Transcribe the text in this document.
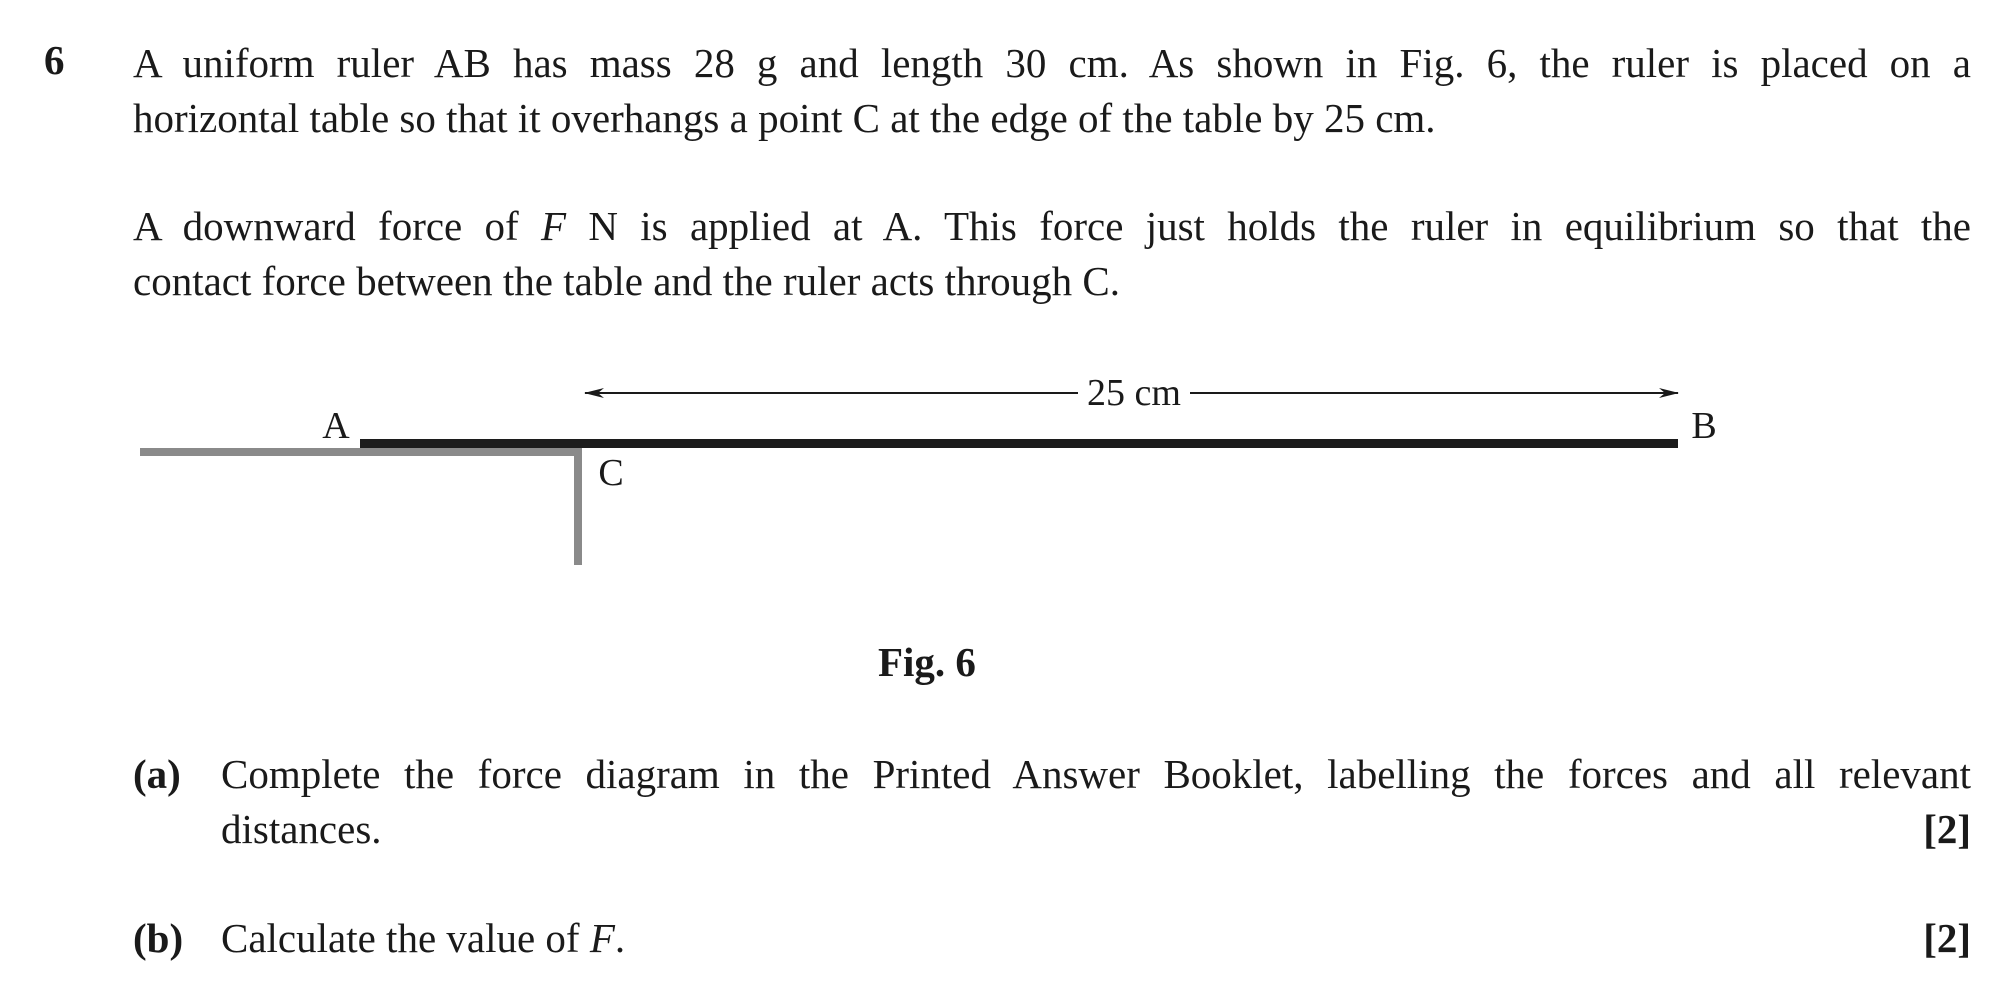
6 A uniform ruler AB has mass 28 g and length 30 cm. As shown in Fig. 6, the ruler is placed on a
horizontal table so that it overhangs a point C at the edge of the table by 25 cm.
A downward force of F N is applied at A. This force just holds the ruler in equilibrium so that the
contact force between the table and the ruler acts through C.
25 cm
A	B
C
Fig. 6
(a) Complete the force diagram in the Printed Answer Booklet, labelling the forces and all relevant
distances.	[2]
(b) Calculate the value of F.	[2]
